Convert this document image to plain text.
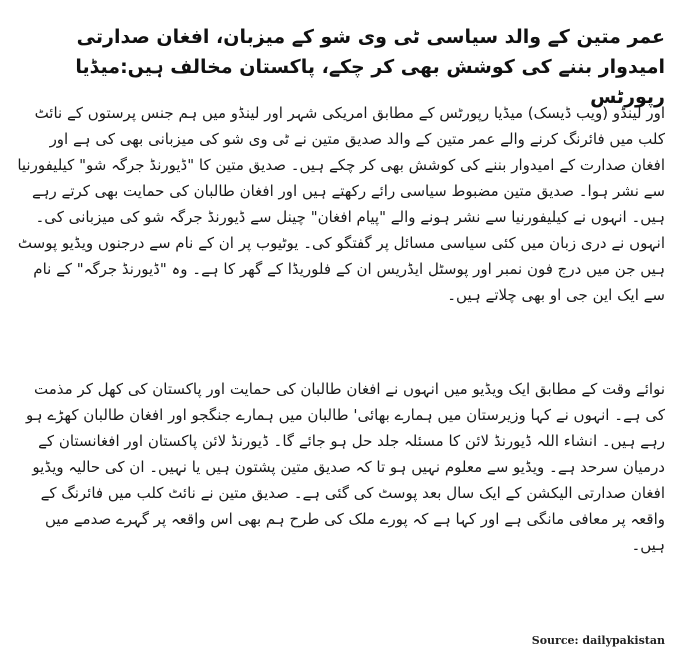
عمر متین کے والد سیاسی ٹی وی شو کے میزبان، افغان صدارتی امیدوار بننے کی کوشش بھی کر چکے، پاکستان مخالف ہیں:میڈیا رپورٹس

اور لینڈو (ویب ڈیسک) میڈیا رپورٹس کے مطابق امریکی شہر اور لینڈو میں ہم جنس پرستوں کے نائٹ کلب میں فائرنگ کرنے والے عمر متین کے والد صدیق متین نے ٹی وی شو کی میزبانی بھی کی ہے اور افغان صدارت کے امیدوار بننے کی کوشش بھی کر چکے ہیں۔ صدیق متین کا "ڈیورنڈ جرگہ شو" کیلیفورنیا سے نشر ہوا۔ صدیق متین مضبوط سیاسی رائے رکھتے ہیں اور افغان طالبان کی حمایت بھی کرتے رہے ہیں۔ انہوں نے کیلیفورنیا سے نشر ہونے والے "پیام افغان" چینل سے ڈیورنڈ جرگہ شو کی میزبانی کی۔ انہوں نے دری زبان میں کئی سیاسی مسائل پر گفتگو کی۔ یوٹیوب پر ان کے نام سے درجنوں ویڈیو پوسٹ ہیں جن میں درج فون نمبر اور پوسٹل ایڈریس ان کے فلوریڈا کے گھر کا ہے۔ وہ "ڈیورنڈ جرگہ" کے نام سے ایک این جی او بھی چلاتے ہیں۔

نوائے وقت کے مطابق ایک ویڈیو میں انہوں نے افغان طالبان کی حمایت اور پاکستان کی کھل کر مذمت کی ہے۔ انہوں نے کہا وزیرستان میں ہمارے بھائی' طالبان میں ہمارے جنگجو اور افغان طالبان کھڑے ہو رہے ہیں۔ انشاء اللہ ڈیورنڈ لائن کا مسئلہ جلد حل ہو جائے گا۔ ڈیورنڈ لائن پاکستان اور افغانستان کے درمیان سرحد ہے۔ ویڈیو سے معلوم نہیں ہو تا کہ صدیق متین پشتون ہیں یا نہیں۔ ان کی حالیہ ویڈیو افغان صدارتی الیکشن کے ایک سال بعد پوسٹ کی گئی ہے۔ صدیق متین نے نائٹ کلب میں فائرنگ کے واقعہ پر معافی مانگی ہے اور کہا ہے کہ پورے ملک کی طرح ہم بھی اس واقعہ پر گہرے صدمے میں ہیں۔

Source: dailypakistan
